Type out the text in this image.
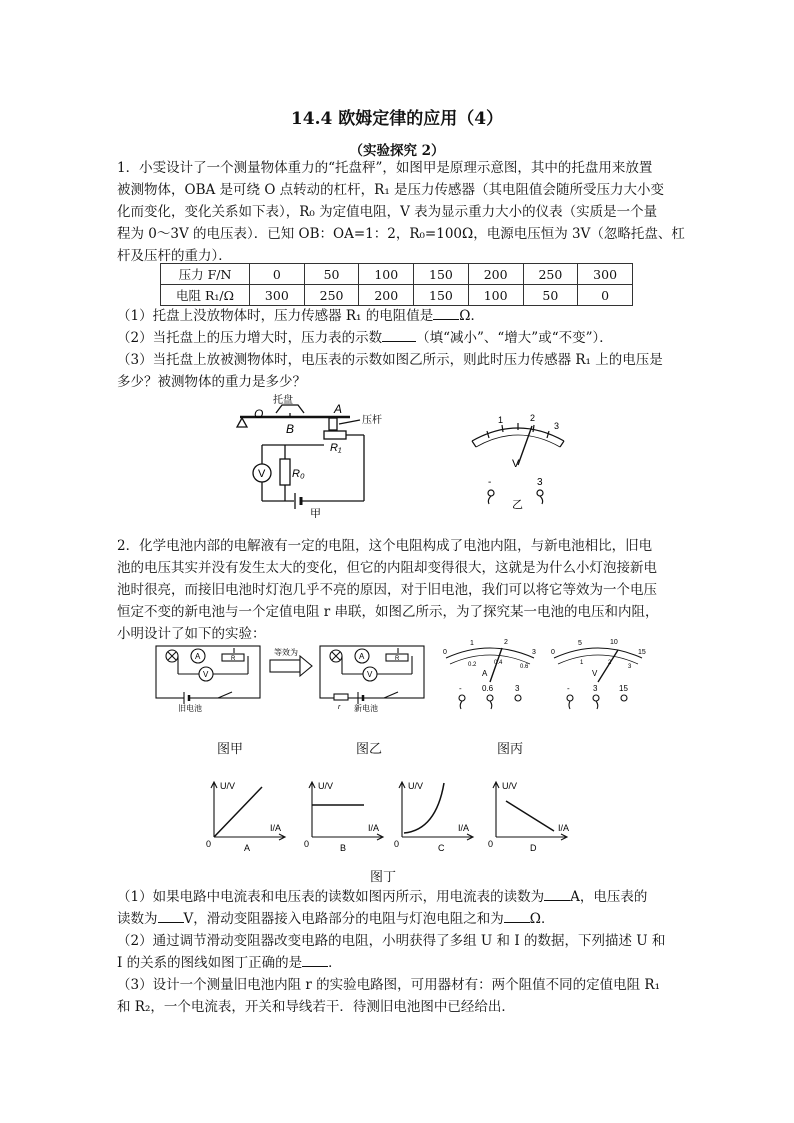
14.4 欧姆定律的应用（4）
（实验探究 2）
1．小雯设计了一个测量物体重力的“托盘秤”，如图甲是原理示意图，其中的托盘用来放置
被测物体，OBA 是可绕 O 点转动的杠杆，R₁ 是压力传感器（其电阻值会随所受压力大小变
化而变化，变化关系如下表），R₀ 为定值电阻，V 表为显示重力大小的仪表（实质是一个量
程为 0～3V 的电压表）．已知 OB：OA=1：2，R₀=100Ω，电源电压恒为 3V（忽略托盘、杠
杆及压杆的重力）．
压力 F/N	0	50	100	150	200	250	300
电阻 R₁/Ω	300	250	200	150	100	50	0
（1）托盘上没放物体时，压力传感器 R₁ 的电阻值是 Ω．
（2）当托盘上的压力增大时，压力表的示数	（填“减小”、“增大”或“不变”）．
（3）当托盘上放被测物体时，电压表的示数如图乙所示，则此时压力传感器 R₁ 上的电压是
多少？被测物体的重力是多少？
O	A
B
托盘
压杆
R₁
R₀
V
甲
1	2
3
V
-	3
乙
2．化学电池内部的电解液有一定的电阻，这个电阻构成了电池内阻，与新电池相比，旧电
池的电压其实并没有发生太大的变化，但它的内阻却变得很大，这就是为什么小灯泡接新电
池时很亮，而接旧电池时灯泡几乎不亮的原因，对于旧电池，我们可以将它等效为一个电压
恒定不变的新电池与一个定值电阻 r 串联，如图乙所示，为了探究某一电池的电压和内阻，
小明设计了如下的实验：
A
V
R
旧电池
等效为	A
V
R
r 新电池
0
1	2
3
0.2	0.4
0.6
A
-	0.6	3
0
5	10
15
1	2
3
V
-	3	15
图甲	图乙	图丙
U/V
I/A
0	A
U/V
I/A
0	B
U/V
I/A
0	C
U/V
I/A
0	D
图丁
（1）如果电路中电流表和电压表的读数如图丙所示，用电流表的读数为 A，电压表的
读数为 V，滑动变阻器接入电路部分的电阻与灯泡电阻之和为 Ω．
（2）通过调节滑动变阻器改变电路的电阻，小明获得了多组 U 和 I 的数据，下列描述 U 和
I 的关系的图线如图丁正确的是 ．
（3）设计一个测量旧电池内阻 r 的实验电路图，可用器材有：两个阻值不同的定值电阻 R₁
和 R₂，一个电流表，开关和导线若干．待测旧电池图中已经给出．
